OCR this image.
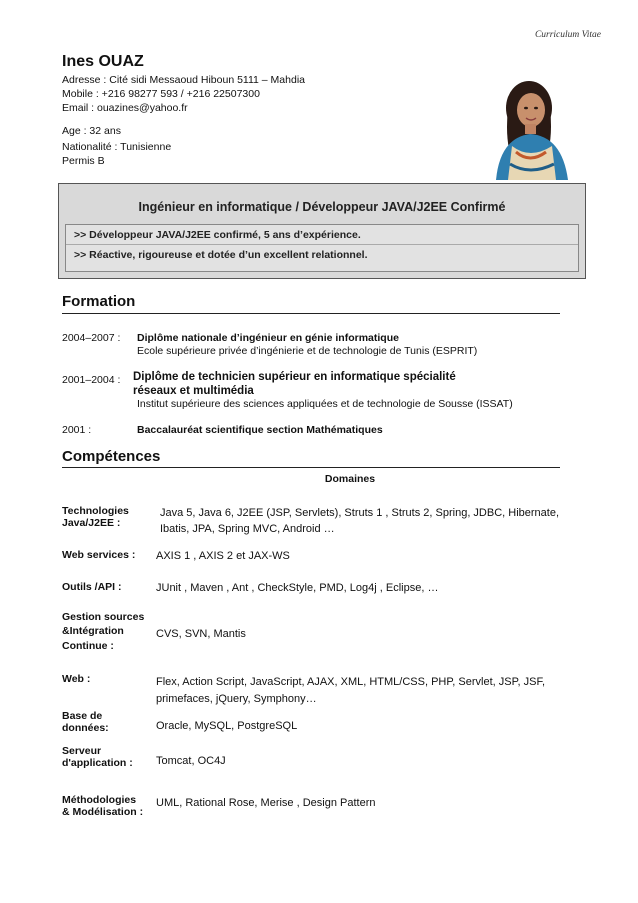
Curriculum Vitae
Ines OUAZ
Adresse : Cité sidi Messaoud Hiboun 5111 – Mahdia
Mobile : +216 98277 593 / +216 22507300
Email : ouazines@yahoo.fr
Age : 32 ans
Nationalité : Tunisienne
Permis B
Ingénieur en informatique / Développeur JAVA/J2EE Confirmé
>> Développeur JAVA/J2EE confirmé, 5 ans d’expérience.
>> Réactive, rigoureuse et dotée d’un excellent relationnel.
Formation
2004–2007 : Diplôme nationale d’ingénieur en génie informatique
Ecole supérieure privée d’ingénierie et de technologie de Tunis (ESPRIT)
2001–2004 : Diplôme de technicien supérieur en informatique spécialité
réseaux et multimédia
Institut supérieure des sciences appliquées et de technologie de Sousse (ISSAT)
2001 :	Baccalauréat scientifique section Mathématiques
Compétences
Domaines
Technologies
Java/J2EE :
Java 5, Java 6, J2EE (JSP, Servlets), Struts 1 , Struts 2, Spring, JDBC, Hibernate,
Ibatis, JPA, Spring MVC, Android …
Web services : AXIS 1 , AXIS 2 et JAX-WS
Outils /API :	JUnit , Maven , Ant , CheckStyle, PMD, Log4j , Eclipse, …
Gestion sources
&Intégration
Continue :
CVS, SVN, Mantis
Web :	Flex, Action Script, JavaScript, AJAX, XML, HTML/CSS, PHP, Servlet, JSP, JSF,
primefaces, jQuery, Symphony…
Base de
données:	Oracle, MySQL, PostgreSQL
Serveur
d'application : Tomcat, OC4J
Méthodologies
& Modélisation :
UML, Rational Rose, Merise , Design Pattern
